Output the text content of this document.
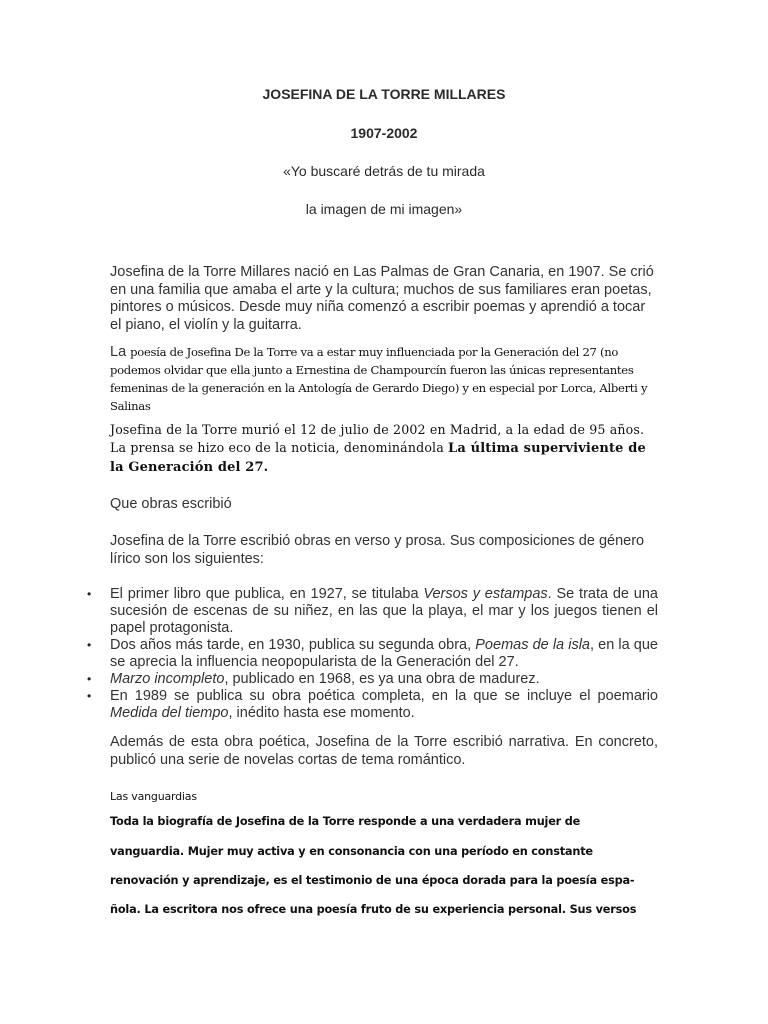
JOSEFINA DE LA TORRE MILLARES
1907-2002
«Yo buscaré detrás de tu mirada
la imagen de mi imagen»
Josefina de la Torre Millares nació en Las Palmas de Gran Canaria, en 1907. Se crió en una familia que amaba el arte y la cultura; muchos de sus familiares eran poetas, pintores o músicos. Desde muy niña comenzó a escribir poemas y aprendió a tocar el piano, el violín y la guitarra.
La poesía de Josefina De la Torre va a estar muy influenciada por la Generación del 27 (no podemos olvidar que ella junto a Ernestina de Champourcín fueron las únicas representantes femeninas de la generación en la Antología de Gerardo Diego) y en especial por Lorca, Alberti y Salinas
Josefina de la Torre murió el 12 de julio de 2002 en Madrid, a la edad de 95 años. La prensa se hizo eco de la noticia, denominándola La última superviviente de la Generación del 27.
Que obras escribió
Josefina de la Torre escribió obras en verso y prosa. Sus composiciones de género lírico son los siguientes:
• El primer libro que publica, en 1927, se titulaba Versos y estampas. Se trata de una sucesión de escenas de su niñez, en las que la playa, el mar y los juegos tienen el papel protagonista.
• Dos años más tarde, en 1930, publica su segunda obra, Poemas de la isla, en la que se aprecia la influencia neopopularista de la Generación del 27.
• Marzo incompleto, publicado en 1968, es ya una obra de madurez.
• En 1989 se publica su obra poética completa, en la que se incluye el poemario Medida del tiempo, inédito hasta ese momento.
Además de esta obra poética, Josefina de la Torre escribió narrativa. En concreto, publicó una serie de novelas cortas de tema romántico.
Las vanguardias
Toda la biografía de Josefina de la Torre responde a una verdadera mujer de
vanguardia. Mujer muy activa y en consonancia con una período en constante
renovación y aprendizaje, es el testimonio de una época dorada para la poesía espa-
ñola. La escritora nos ofrece una poesía fruto de su experiencia personal. Sus versos
